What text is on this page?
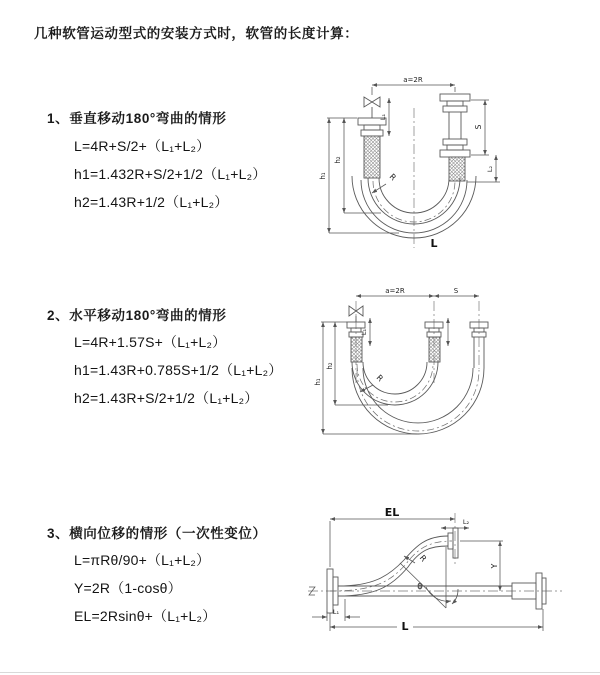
几种软管运动型式的安装方式时，软管的长度计算：
1、垂直移动180°弯曲的情形
L=4R+S/2+（L₁+L₂）
h1=1.432R+S/2+1/2（L₁+L₂）
h2=1.43R+1/2（L₁+L₂）
2、水平移动180°弯曲的情形
L=4R+1.57S+（L₁+L₂）
h1=1.43R+0.785S+1/2（L₁+L₂）
h2=1.43R+S/2+1/2（L₁+L₂）
3、横向位移的情形（一次性变位）
L=πRθ/90+（L₁+L₂）
Y=2R（1-cosθ）
EL=2Rsinθ+（L₁+L₂）
a=2R
R
h₁
h₂
L₁
S
L₂
L
a=2R	S
L₁
h₁
h₂
R
EL
L₂
Y
θ
R
L₁
L
